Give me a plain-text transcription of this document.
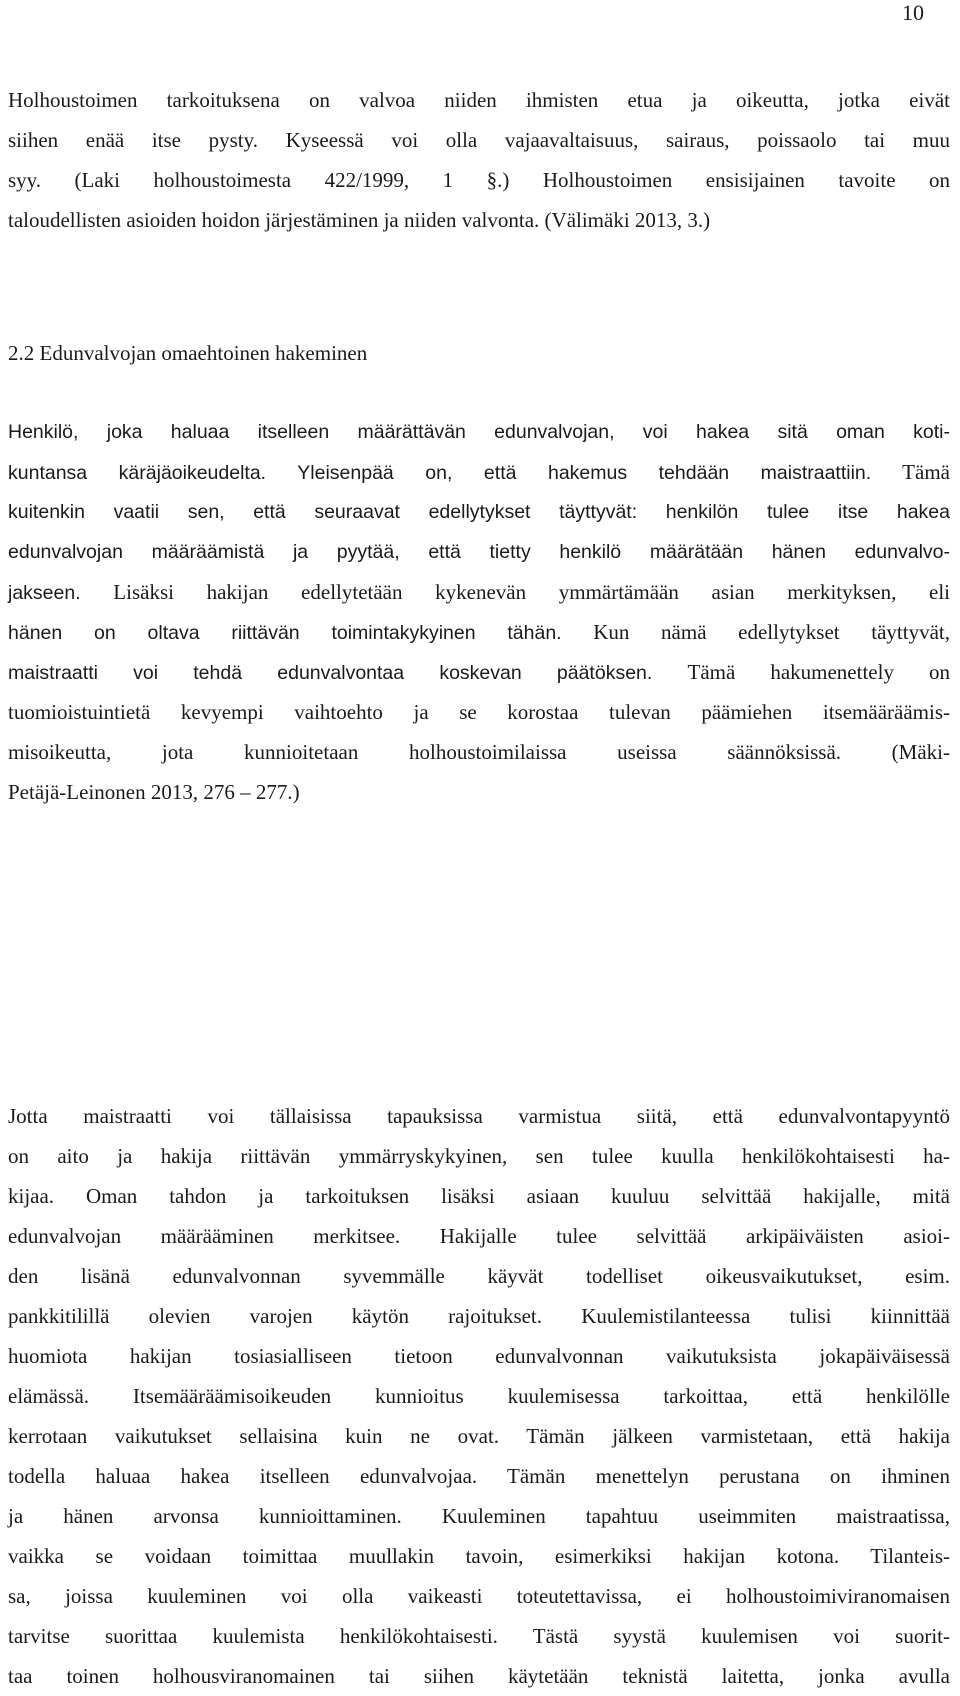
10
Holhoustoimen tarkoituksena on valvoa niiden ihmisten etua ja oikeutta, jotka eivät
siihen enää itse pysty. Kyseessä voi olla vajaavaltaisuus, sairaus, poissaolo tai muu
syy. (Laki holhoustoimesta 422/1999, 1 §.) Holhoustoimen ensisijainen tavoite on
taloudellisten asioiden hoidon järjestäminen ja niiden valvonta. (Välimäki 2013, 3.)
2.2 Edunvalvojan omaehtoinen hakeminen
Henkilö, joka haluaa itselleen määrättävän edunvalvojan, voi hakea sitä oman koti-
kuntansa käräjäoikeudelta. Yleisenpää on, että hakemus tehdään maistraattiin. Tämä
kuitenkin vaatii sen, että seuraavat edellytykset täyttyvät: henkilön tulee itse hakea
edunvalvojan määräämistä ja pyytää, että tietty henkilö määrätään hänen edunvalvo-
jakseen. Lisäksi hakijan edellytetään kykenevän ymmärtämään asian merkityksen, eli
hänen on oltava riittävän toimintakykyinen tähän. Kun nämä edellytykset täyttyvät,
maistraatti voi tehdä edunvalvontaa koskevan päätöksen. Tämä hakumenettely on
tuomioistuintietä kevyempi vaihtoehto ja se korostaa tulevan päämiehen itsemääräämis-
misoikeutta, jota kunnioitetaan holhoustoimilaissa useissa säännöksissä. (Mäki-
Petäjä-Leinonen 2013, 276 – 277.)
Jotta maistraatti voi tällaisissa tapauksissa varmistua siitä, että edunvalvontapyyntö
on aito ja hakija riittävän ymmärryskykyinen, sen tulee kuulla henkilökohtaisesti ha-
kijaa. Oman tahdon ja tarkoituksen lisäksi asiaan kuuluu selvittää hakijalle, mitä
edunvalvojan määrääminen merkitsee. Hakijalle tulee selvittää arkipäiväisten asioi-
den lisänä edunvalvonnan syvemmälle käyvät todelliset oikeusvaikutukset, esim.
pankkitilillä olevien varojen käytön rajoitukset. Kuulemistilanteessa tulisi kiinnittää
huomiota hakijan tosiasialliseen tietoon edunvalvonnan vaikutuksista jokapäiväisessä
elämässä. Itsemääräämisoikeuden kunnioitus kuulemisessa tarkoittaa, että henkilölle
kerrotaan vaikutukset sellaisina kuin ne ovat. Tämän jälkeen varmistetaan, että hakija
todella haluaa hakea itselleen edunvalvojaa. Tämän menettelyn perustana on ihminen
ja hänen arvonsa kunnioittaminen. Kuuleminen tapahtuu useimmiten maistraatissa,
vaikka se voidaan toimittaa muullakin tavoin, esimerkiksi hakijan kotona. Tilanteis-
sa, joissa kuuleminen voi olla vaikeasti toteutettavissa, ei holhoustoimiviranomaisen
tarvitse suorittaa kuulemista henkilökohtaisesti. Tästä syystä kuulemisen voi suorit-
taa toinen holhousviranomainen tai siihen käytetään teknistä laitetta, jonka avulla
